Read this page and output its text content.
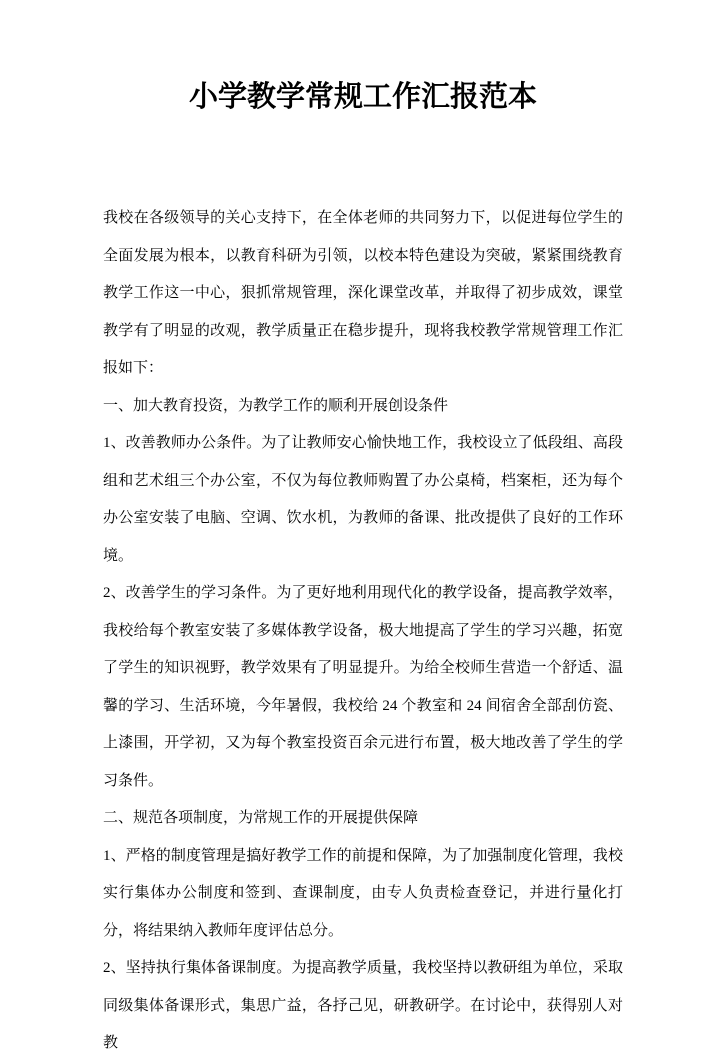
小学教学常规工作汇报范本

我校在各级领导的关心支持下，在全体老师的共同努力下，以促进每位学生的全面发展为根本，以教育科研为引领，以校本特色建设为突破，紧紧围绕教育教学工作这一中心，狠抓常规管理，深化课堂改革，并取得了初步成效，课堂教学有了明显的改观，教学质量正在稳步提升，现将我校教学常规管理工作汇报如下：

一、加大教育投资，为教学工作的顺利开展创设条件

1、改善教师办公条件。为了让教师安心愉快地工作，我校设立了低段组、高段组和艺术组三个办公室，不仅为每位教师购置了办公桌椅，档案柜，还为每个办公室安装了电脑、空调、饮水机，为教师的备课、批改提供了良好的工作环境。

2、改善学生的学习条件。为了更好地利用现代化的教学设备，提高教学效率，我校给每个教室安装了多媒体教学设备，极大地提高了学生的学习兴趣，拓宽了学生的知识视野，教学效果有了明显提升。为给全校师生营造一个舒适、温馨的学习、生活环境，今年暑假，我校给 24 个教室和 24 间宿舍全部刮仿瓷、上漆围，开学初，又为每个教室投资百余元进行布置，极大地改善了学生的学习条件。

二、规范各项制度，为常规工作的开展提供保障

1、严格的制度管理是搞好教学工作的前提和保障，为了加强制度化管理，我校实行集体办公制度和签到、查课制度，由专人负责检查登记，并进行量化打分，将结果纳入教师年度评估总分。

2、坚持执行集体备课制度。为提高教学质量，我校坚持以教研组为单位，采取同级集体备课形式，集思广益，各抒己见，研教研学。在讨论中，获得别人对教
